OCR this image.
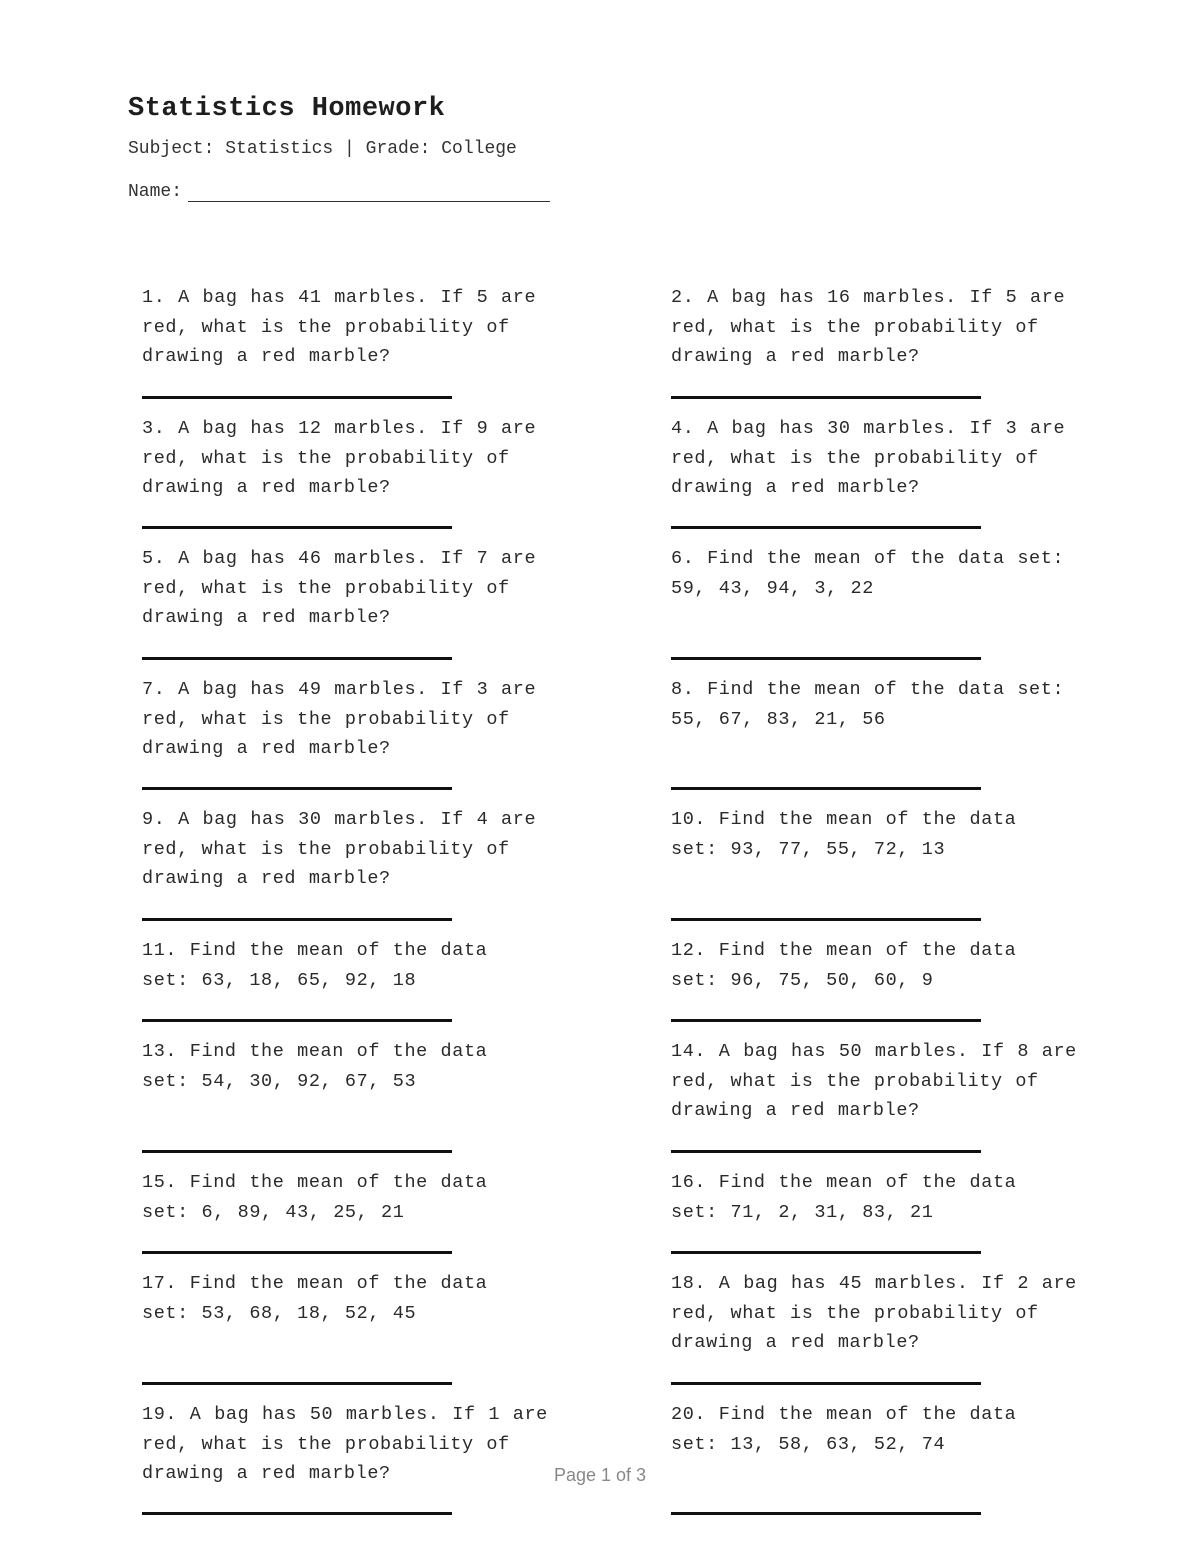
Statistics Homework
Subject: Statistics | Grade: College
Name:

1. A bag has 41 marbles. If 5 are red, what is the probability of drawing a red marble?

2. A bag has 16 marbles. If 5 are red, what is the probability of drawing a red marble?

3. A bag has 12 marbles. If 9 are red, what is the probability of drawing a red marble?

4. A bag has 30 marbles. If 3 are red, what is the probability of drawing a red marble?

5. A bag has 46 marbles. If 7 are red, what is the probability of drawing a red marble?

6. Find the mean of the data set: 59, 43, 94, 3, 22

7. A bag has 49 marbles. If 3 are red, what is the probability of drawing a red marble?

8. Find the mean of the data set: 55, 67, 83, 21, 56

9. A bag has 30 marbles. If 4 are red, what is the probability of drawing a red marble?

10. Find the mean of the data set: 93, 77, 55, 72, 13

11. Find the mean of the data set: 63, 18, 65, 92, 18

12. Find the mean of the data set: 96, 75, 50, 60, 9

13. Find the mean of the data set: 54, 30, 92, 67, 53

14. A bag has 50 marbles. If 8 are red, what is the probability of drawing a red marble?

15. Find the mean of the data set: 6, 89, 43, 25, 21

16. Find the mean of the data set: 71, 2, 31, 83, 21

17. Find the mean of the data set: 53, 68, 18, 52, 45

18. A bag has 45 marbles. If 2 are red, what is the probability of drawing a red marble?

19. A bag has 50 marbles. If 1 are red, what is the probability of drawing a red marble?

20. Find the mean of the data set: 13, 58, 63, 52, 74

Page 1 of 3
